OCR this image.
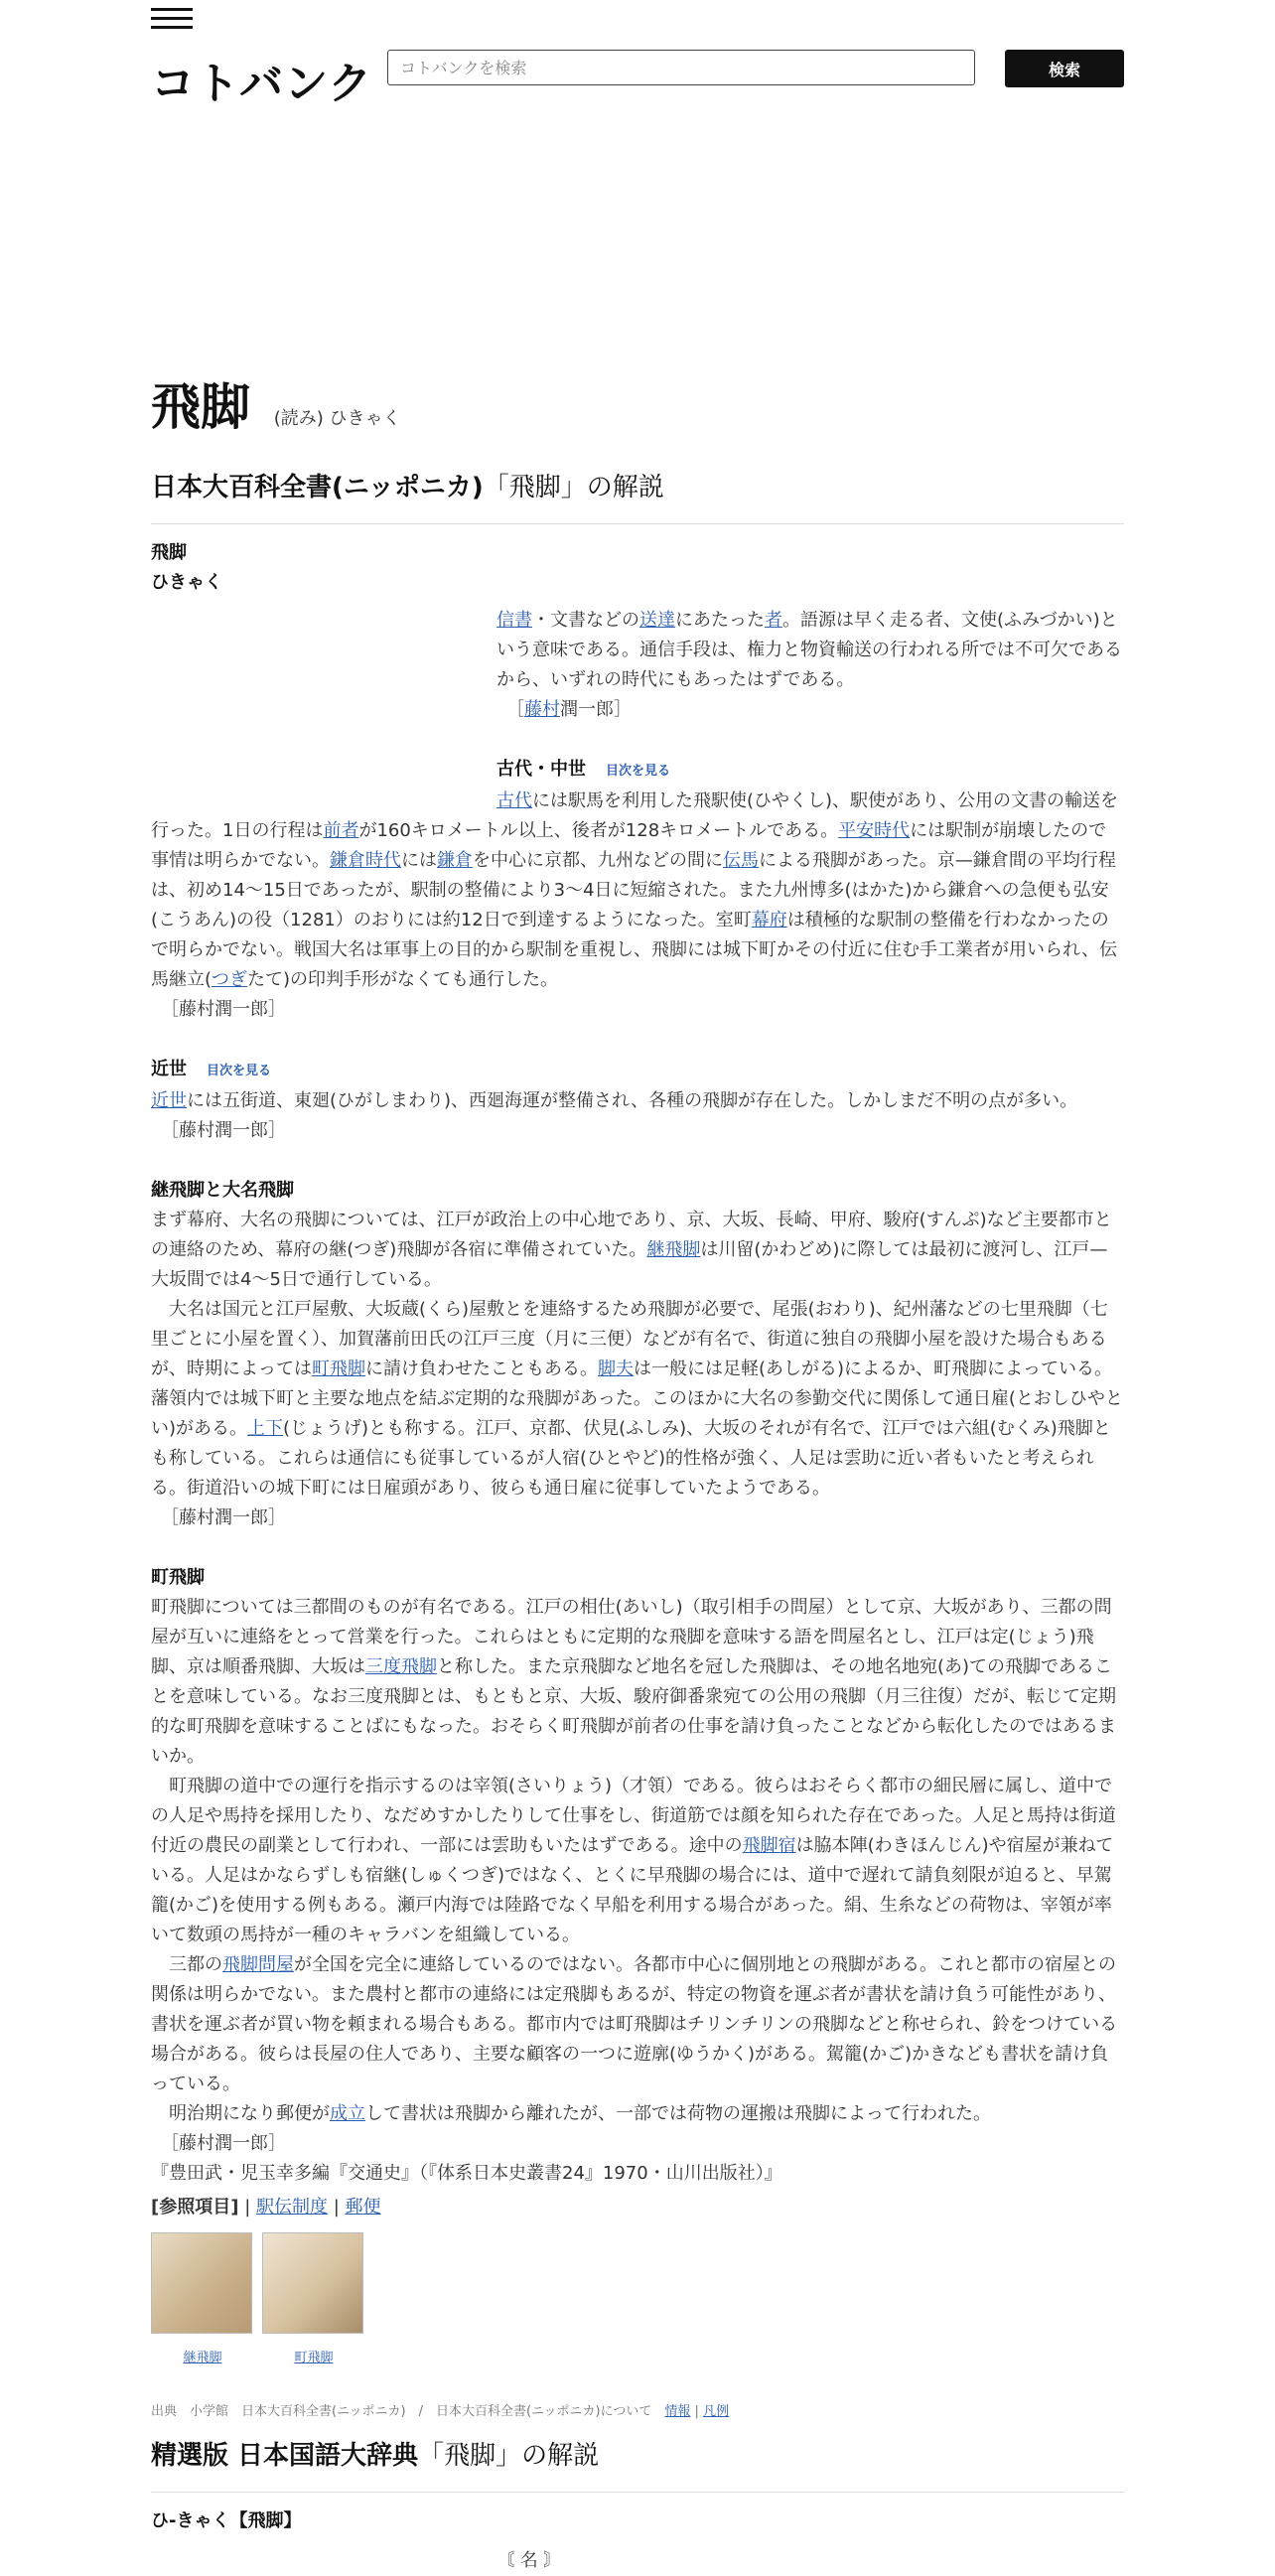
コトバンク
コトバンクを検索	検索
飛脚 (読み) ひきゃく
日本大百科全書(ニッポニカ)「飛脚」の解説

飛脚

ひきゃく

信書・文書などの送達にあたった者。語源は早く走る者、文使(ふみづかい)という意味である。通信手段は、権力と物資輸送の行われる所では不可欠であるから、いずれの時代にもあったはずである。
［藤村潤一郎］

古代・中世 目次を見る

古代には駅馬を利用した飛駅使(ひやくし)、駅使があり、公用の文書の輸送を行った。1日の行程は前者が160キロメートル以上、後者が128キロメートルである。平安時代には駅制が崩壊したので事情は明らかでない。鎌倉時代には鎌倉を中心に京都、九州などの間に伝馬による飛脚があった。京—鎌倉間の平均行程は、初め14～15日であったが、駅制の整備により3～4日に短縮された。また九州博多(はかた)から鎌倉への急便も弘安(こうあん)の役（1281）のおりには約12日で到達するようになった。室町幕府は積極的な駅制の整備を行わなかったので明らかでない。戦国大名は軍事上の目的から駅制を重視し、飛脚には城下町かその付近に住む手工業者が用いられ、伝馬継立(つぎたて)の印判手形がなくても通行した。
［藤村潤一郎］

近世 目次を見る

近世には五街道、東廻(ひがしまわり)、西廻海運が整備され、各種の飛脚が存在した。しかしまだ不明の点が多い。
［藤村潤一郎］

継飛脚と大名飛脚

まず幕府、大名の飛脚については、江戸が政治上の中心地であり、京、大坂、長崎、甲府、駿府(すんぷ)など主要都市との連絡のため、幕府の継(つぎ)飛脚が各宿に準備されていた。継飛脚は川留(かわどめ)に際しては最初に渡河し、江戸—大坂間では4～5日で通行している。
大名は国元と江戸屋敷、大坂蔵(くら)屋敷とを連絡するため飛脚が必要で、尾張(おわり)、紀州藩などの七里飛脚（七里ごとに小屋を置く）、加賀藩前田氏の江戸三度（月に三便）などが有名で、街道に独自の飛脚小屋を設けた場合もあるが、時期によっては町飛脚に請け負わせたこともある。脚夫は一般には足軽(あしがる)によるか、町飛脚によっている。藩領内では城下町と主要な地点を結ぶ定期的な飛脚があった。このほかに大名の参勤交代に関係して通日雇(とおしひやとい)がある。上下(じょうげ)とも称する。江戸、京都、伏見(ふしみ)、大坂のそれが有名で、江戸では六組(むくみ)飛脚とも称している。これらは通信にも従事しているが人宿(ひとやど)的性格が強く、人足は雲助に近い者もいたと考えられる。街道沿いの城下町には日雇頭があり、彼らも通日雇に従事していたようである。
［藤村潤一郎］

町飛脚

町飛脚については三都間のものが有名である。江戸の相仕(あいし)（取引相手の問屋）として京、大坂があり、三都の問屋が互いに連絡をとって営業を行った。これらはともに定期的な飛脚を意味する語を問屋名とし、江戸は定(じょう)飛脚、京は順番飛脚、大坂は三度飛脚と称した。また京飛脚など地名を冠した飛脚は、その地名地宛(あ)ての飛脚であることを意味している。なお三度飛脚とは、もともと京、大坂、駿府御番衆宛ての公用の飛脚（月三往復）だが、転じて定期的な町飛脚を意味することばにもなった。おそらく町飛脚が前者の仕事を請け負ったことなどから転化したのではあるまいか。
町飛脚の道中での運行を指示するのは宰領(さいりょう)（才領）である。彼らはおそらく都市の細民層に属し、道中での人足や馬持を採用したり、なだめすかしたりして仕事をし、街道筋では顔を知られた存在であった。人足と馬持は街道付近の農民の副業として行われ、一部には雲助もいたはずである。途中の飛脚宿は脇本陣(わきほんじん)や宿屋が兼ねている。人足はかならずしも宿継(しゅくつぎ)ではなく、とくに早飛脚の場合には、道中で遅れて請負刻限が迫ると、早駕籠(かご)を使用する例もある。瀬戸内海では陸路でなく早船を利用する場合があった。絹、生糸などの荷物は、宰領が率いて数頭の馬持が一種のキャラバンを組織している。
三都の飛脚問屋が全国を完全に連絡しているのではない。各都市中心に個別地との飛脚がある。これと都市の宿屋との関係は明らかでない。また農村と都市の連絡には定飛脚もあるが、特定の物資を運ぶ者が書状を請け負う可能性があり、書状を運ぶ者が買い物を頼まれる場合もある。都市内では町飛脚はチリンチリンの飛脚などと称せられ、鈴をつけている場合がある。彼らは長屋の住人であり、主要な顧客の一つに遊廓(ゆうかく)がある。駕籠(かご)かきなども書状を請け負っている。
明治期になり郵便が成立して書状は飛脚から離れたが、一部では荷物の運搬は飛脚によって行われた。
［藤村潤一郎］
『豊田武・児玉幸多編『交通史』（『体系日本史叢書24』1970・山川出版社）』
[参照項目] | 駅伝制度 | 郵便
継飛脚	町飛脚
出典　小学館　日本大百科全書(ニッポニカ)　/　日本大百科全書(ニッポニカ)について　 情報 | 凡例
精選版 日本国語大辞典「飛脚」の解説

ひ‐きゃく【飛脚】

〘 名 〙
